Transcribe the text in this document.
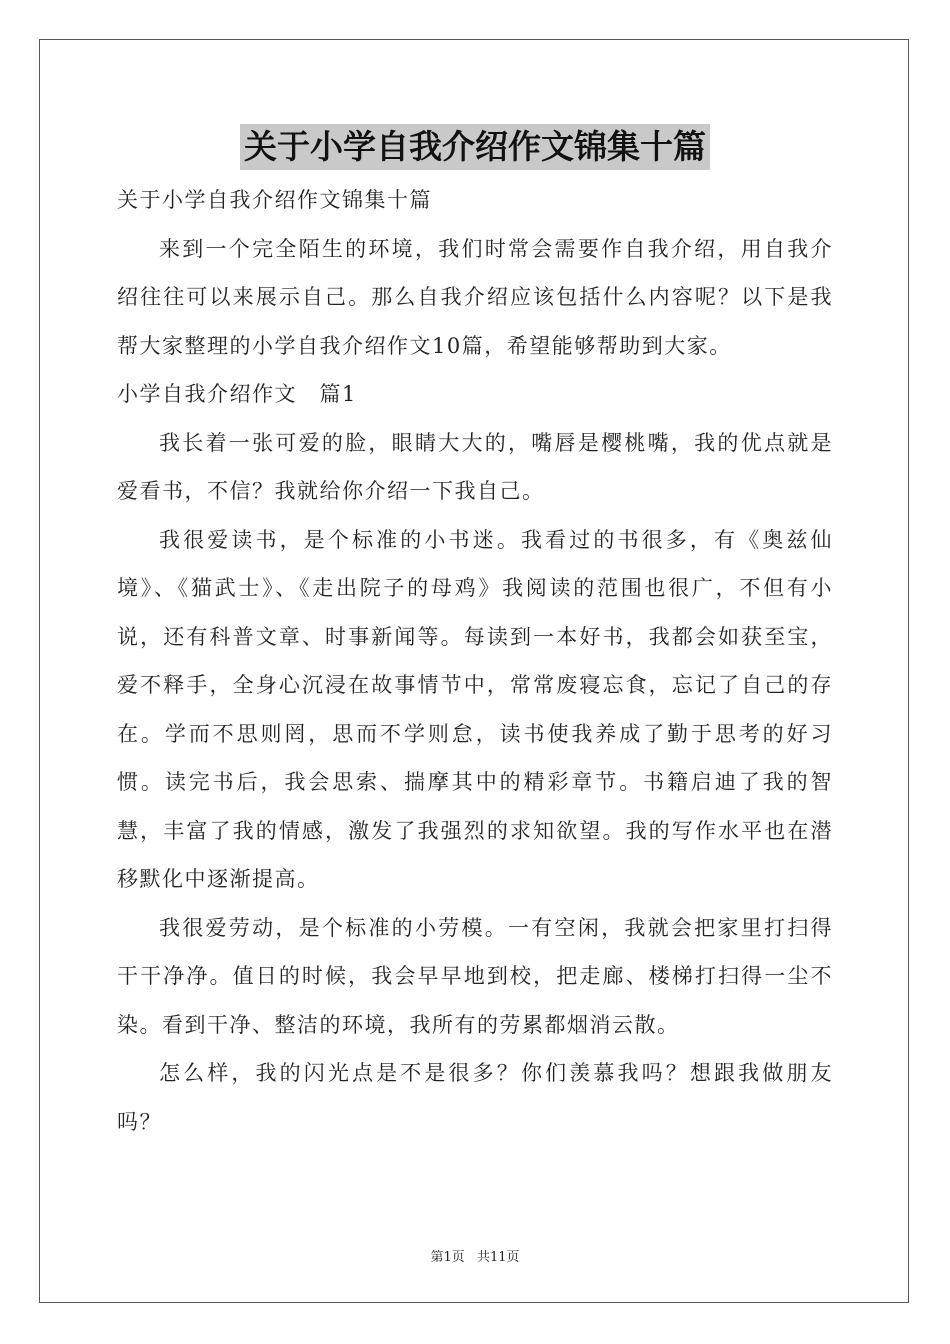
关于小学自我介绍作文锦集十篇

关于小学自我介绍作文锦集十篇

来到一个完全陌生的环境，我们时常会需要作自我介绍，用自我介绍往往可以来展示自己。那么自我介绍应该包括什么内容呢？以下是我帮大家整理的小学自我介绍作文10篇，希望能够帮助到大家。

小学自我介绍作文　篇1

我长着一张可爱的脸，眼睛大大的，嘴唇是樱桃嘴，我的优点就是爱看书，不信？我就给你介绍一下我自己。

我很爱读书，是个标准的小书迷。我看过的书很多，有《奥兹仙境》、《猫武士》、《走出院子的母鸡》我阅读的范围也很广，不但有小说，还有科普文章、时事新闻等。每读到一本好书，我都会如获至宝，爱不释手，全身心沉浸在故事情节中，常常废寝忘食，忘记了自己的存在。学而不思则罔，思而不学则怠，读书使我养成了勤于思考的好习惯。读完书后，我会思索、揣摩其中的精彩章节。书籍启迪了我的智慧，丰富了我的情感，激发了我强烈的求知欲望。我的写作水平也在潜移默化中逐渐提高。

我很爱劳动，是个标准的小劳模。一有空闲，我就会把家里打扫得干干净净。值日的时候，我会早早地到校，把走廊、楼梯打扫得一尘不染。看到干净、整洁的环境，我所有的劳累都烟消云散。

怎么样，我的闪光点是不是很多？你们羡慕我吗？想跟我做朋友吗？

第1页 共11页
